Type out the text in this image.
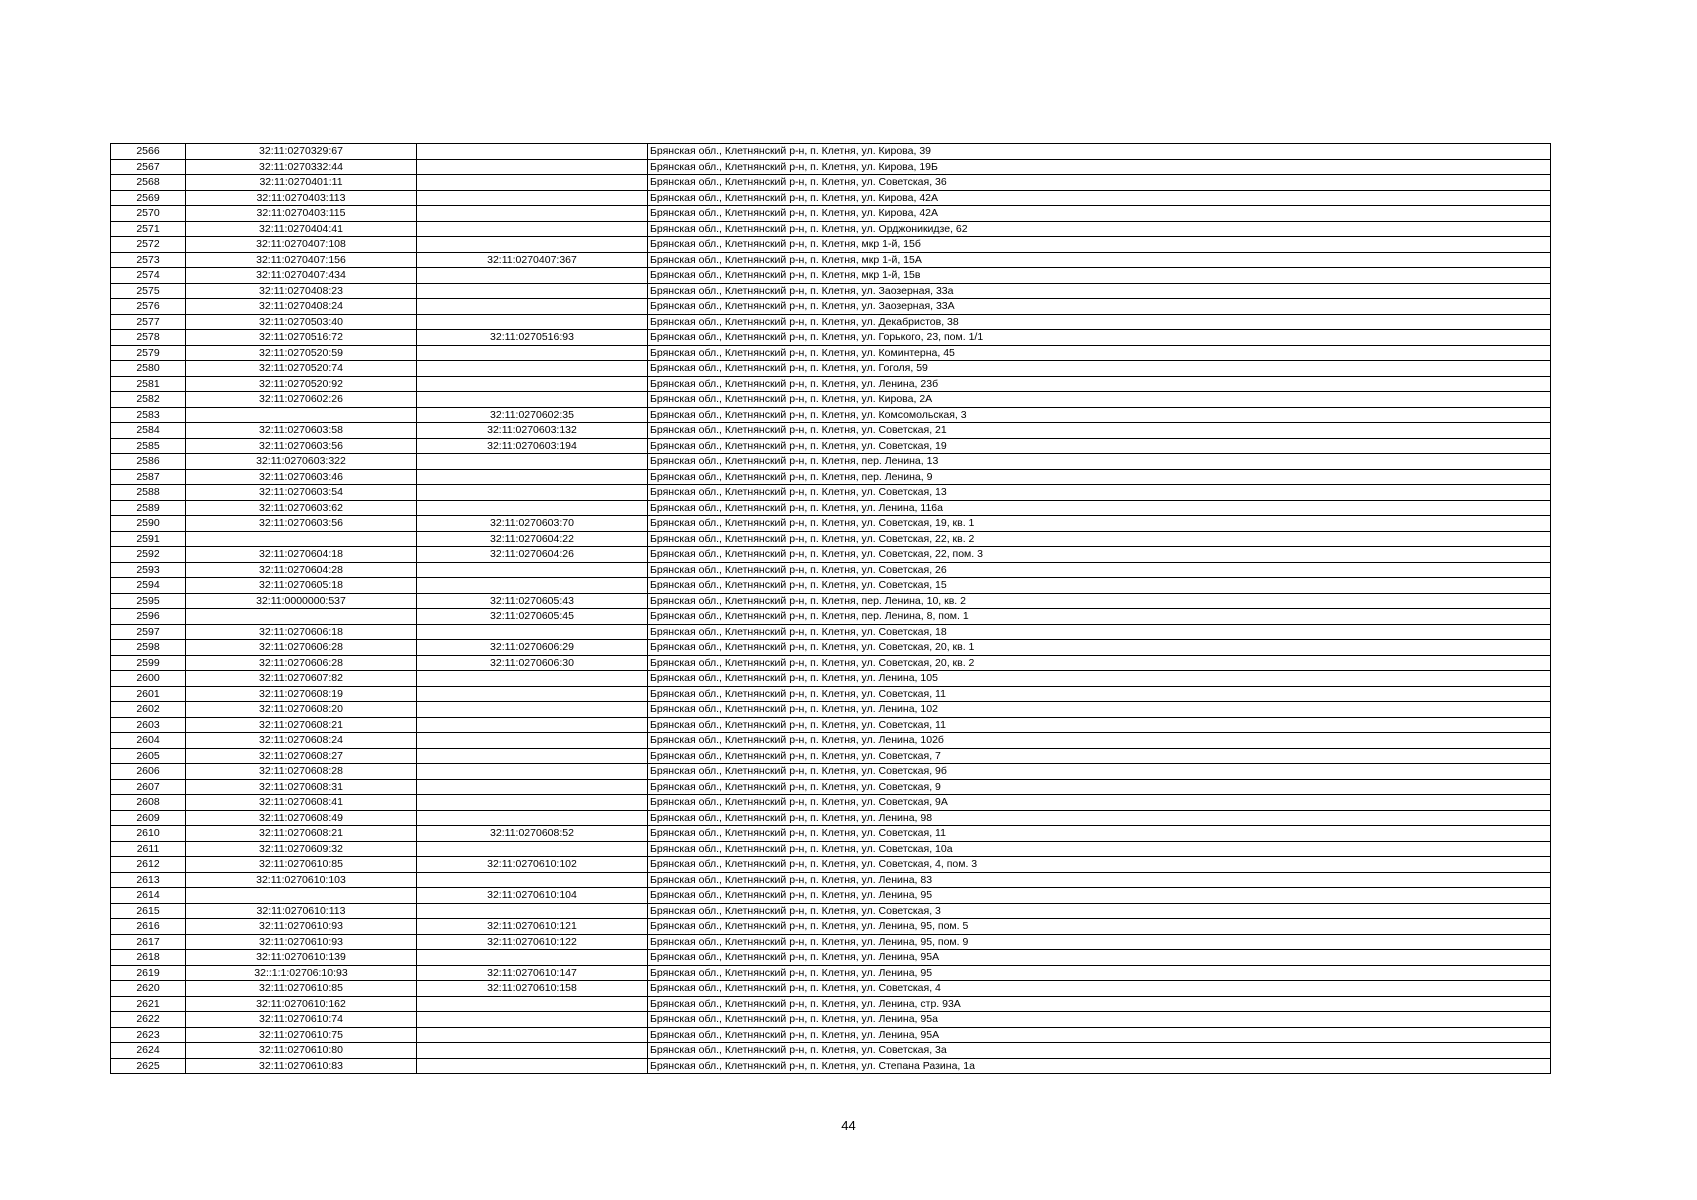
2566	32:11:0270329:67		Брянская обл., Клетнянский р-н, п. Клетня, ул. Кирова, 39
2567	32:11:0270332:44		Брянская обл., Клетнянский р-н, п. Клетня, ул. Кирова, 19Б
2568	32:11:0270401:11		Брянская обл., Клетнянский р-н, п. Клетня, ул. Советская, 36
2569	32:11:0270403:113		Брянская обл., Клетнянский р-н, п. Клетня, ул. Кирова, 42А
2570	32:11:0270403:115		Брянская обл., Клетнянский р-н, п. Клетня, ул. Кирова, 42А
2571	32:11:0270404:41		Брянская обл., Клетнянский р-н, п. Клетня, ул. Орджоникидзе, 62
2572	32:11:0270407:108		Брянская обл., Клетнянский р-н, п. Клетня, мкр 1-й, 15б
2573	32:11:0270407:156	32:11:0270407:367	Брянская обл., Клетнянский р-н, п. Клетня, мкр 1-й, 15А
2574	32:11:0270407:434		Брянская обл., Клетнянский р-н, п. Клетня, мкр 1-й, 15в
2575	32:11:0270408:23		Брянская обл., Клетнянский р-н, п. Клетня, ул. Заозерная, 33а
2576	32:11:0270408:24		Брянская обл., Клетнянский р-н, п. Клетня, ул. Заозерная, 33А
2577	32:11:0270503:40		Брянская обл., Клетнянский р-н, п. Клетня, ул. Декабристов, 38
2578	32:11:0270516:72	32:11:0270516:93	Брянская обл., Клетнянский р-н, п. Клетня, ул. Горького, 23, пом. 1/1
2579	32:11:0270520:59		Брянская обл., Клетнянский р-н, п. Клетня, ул. Коминтерна, 45
2580	32:11:0270520:74		Брянская обл., Клетнянский р-н, п. Клетня, ул. Гоголя, 59
2581	32:11:0270520:92		Брянская обл., Клетнянский р-н, п. Клетня, ул. Ленина, 23б
2582	32:11:0270602:26		Брянская обл., Клетнянский р-н, п. Клетня, ул. Кирова, 2А
2583		32:11:0270602:35	Брянская обл., Клетнянский р-н, п. Клетня, ул. Комсомольская, 3
2584	32:11:0270603:58	32:11:0270603:132	Брянская обл., Клетнянский р-н, п. Клетня, ул. Советская, 21
2585	32:11:0270603:56	32:11:0270603:194	Брянская обл., Клетнянский р-н, п. Клетня, ул. Советская, 19
2586	32:11:0270603:322		Брянская обл., Клетнянский р-н, п. Клетня, пер. Ленина, 13
2587	32:11:0270603:46		Брянская обл., Клетнянский р-н, п. Клетня, пер. Ленина, 9
2588	32:11:0270603:54		Брянская обл., Клетнянский р-н, п. Клетня, ул. Советская, 13
2589	32:11:0270603:62		Брянская обл., Клетнянский р-н, п. Клетня, ул. Ленина, 116а
2590	32:11:0270603:56	32:11:0270603:70	Брянская обл., Клетнянский р-н, п. Клетня, ул. Советская, 19, кв. 1
2591		32:11:0270604:22	Брянская обл., Клетнянский р-н, п. Клетня, ул. Советская, 22, кв. 2
2592	32:11:0270604:18	32:11:0270604:26	Брянская обл., Клетнянский р-н, п. Клетня, ул. Советская, 22, пом. 3
2593	32:11:0270604:28		Брянская обл., Клетнянский р-н, п. Клетня, ул. Советская, 26
2594	32:11:0270605:18		Брянская обл., Клетнянский р-н, п. Клетня, ул. Советская, 15
2595	32:11:0000000:537	32:11:0270605:43	Брянская обл., Клетнянский р-н, п. Клетня, пер. Ленина, 10, кв. 2
2596		32:11:0270605:45	Брянская обл., Клетнянский р-н, п. Клетня, пер. Ленина, 8, пом. 1
2597	32:11:0270606:18		Брянская обл., Клетнянский р-н, п. Клетня, ул. Советская, 18
2598	32:11:0270606:28	32:11:0270606:29	Брянская обл., Клетнянский р-н, п. Клетня, ул. Советская, 20, кв. 1
2599	32:11:0270606:28	32:11:0270606:30	Брянская обл., Клетнянский р-н, п. Клетня, ул. Советская, 20, кв. 2
2600	32:11:0270607:82		Брянская обл., Клетнянский р-н, п. Клетня, ул. Ленина, 105
2601	32:11:0270608:19		Брянская обл., Клетнянский р-н, п. Клетня, ул. Советская, 11
2602	32:11:0270608:20		Брянская обл., Клетнянский р-н, п. Клетня, ул. Ленина, 102
2603	32:11:0270608:21		Брянская обл., Клетнянский р-н, п. Клетня, ул. Советская, 11
2604	32:11:0270608:24		Брянская обл., Клетнянский р-н, п. Клетня, ул. Ленина, 102б
2605	32:11:0270608:27		Брянская обл., Клетнянский р-н, п. Клетня, ул. Советская, 7
2606	32:11:0270608:28		Брянская обл., Клетнянский р-н, п. Клетня, ул. Советская, 9б
2607	32:11:0270608:31		Брянская обл., Клетнянский р-н, п. Клетня, ул. Советская, 9
2608	32:11:0270608:41		Брянская обл., Клетнянский р-н, п. Клетня, ул. Советская, 9А
2609	32:11:0270608:49		Брянская обл., Клетнянский р-н, п. Клетня, ул. Ленина, 98
2610	32:11:0270608:21	32:11:0270608:52	Брянская обл., Клетнянский р-н, п. Клетня, ул. Советская, 11
2611	32:11:0270609:32		Брянская обл., Клетнянский р-н, п. Клетня, ул. Советская, 10а
2612	32:11:0270610:85	32:11:0270610:102	Брянская обл., Клетнянский р-н, п. Клетня, ул. Советская, 4, пом. 3
2613	32:11:0270610:103		Брянская обл., Клетнянский р-н, п. Клетня, ул. Ленина, 83
2614		32:11:0270610:104	Брянская обл., Клетнянский р-н, п. Клетня, ул. Ленина, 95
2615	32:11:0270610:113		Брянская обл., Клетнянский р-н, п. Клетня, ул. Советская, 3
2616	32:11:0270610:93	32:11:0270610:121	Брянская обл., Клетнянский р-н, п. Клетня, ул. Ленина, 95, пом. 5
2617	32:11:0270610:93	32:11:0270610:122	Брянская обл., Клетнянский р-н, п. Клетня, ул. Ленина, 95, пом. 9
2618	32:11:0270610:139		Брянская обл., Клетнянский р-н, п. Клетня, ул. Ленина, 95А
2619	32::1:1:02706:10:93	32:11:0270610:147	Брянская обл., Клетнянский р-н, п. Клетня, ул. Ленина, 95
2620	32:11:0270610:85	32:11:0270610:158	Брянская обл., Клетнянский р-н, п. Клетня, ул. Советская, 4
2621	32:11:0270610:162		Брянская обл., Клетнянский р-н, п. Клетня, ул. Ленина, стр. 93А
2622	32:11:0270610:74		Брянская обл., Клетнянский р-н, п. Клетня, ул. Ленина, 95а
2623	32:11:0270610:75		Брянская обл., Клетнянский р-н, п. Клетня, ул. Ленина, 95А
2624	32:11:0270610:80		Брянская обл., Клетнянский р-н, п. Клетня, ул. Советская, 3а
2625	32:11:0270610:83		Брянская обл., Клетнянский р-н, п. Клетня, ул. Степана Разина, 1а
44
